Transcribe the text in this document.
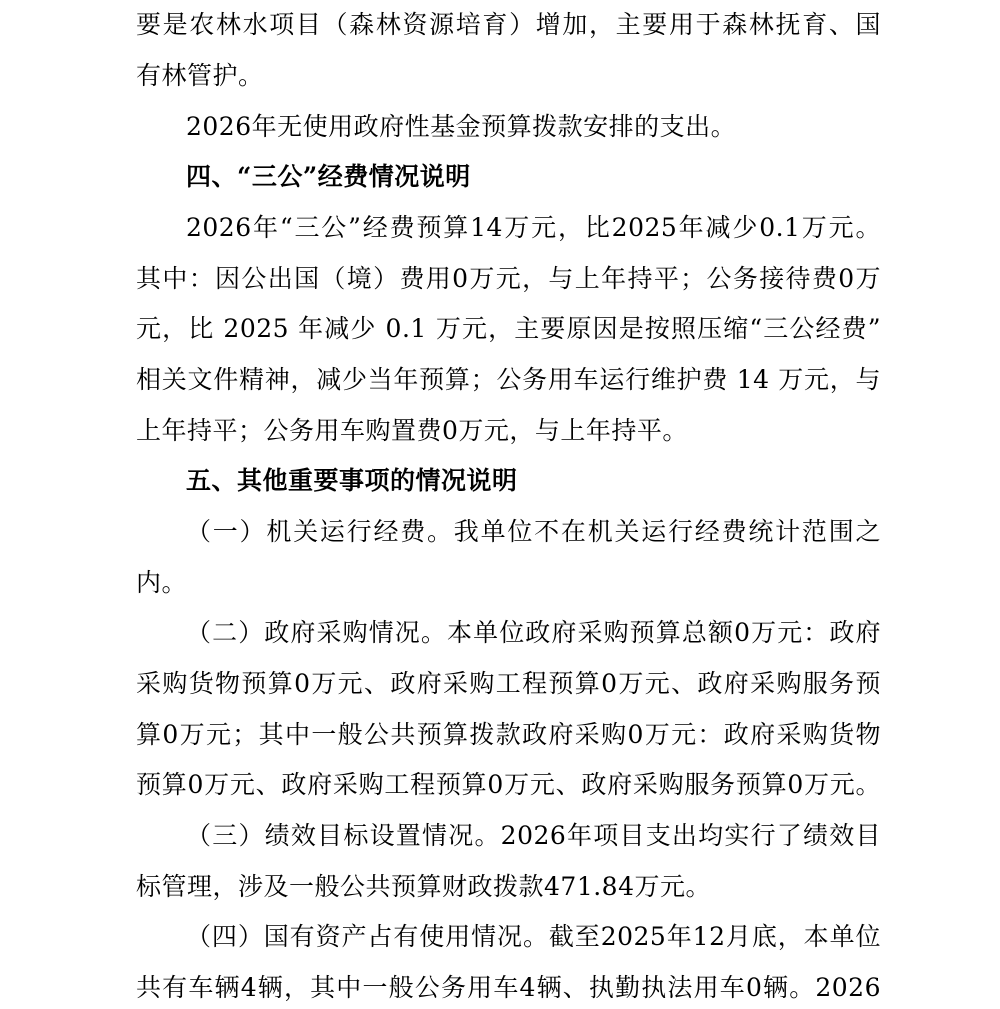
要是农林水项目（森林资源培育）增加，主要用于森林抚育、国
有林管护。
2026年无使用政府性基金预算拨款安排的支出。
四、“三公”经费情况说明
2026年“三公”经费预算14万元，比2025年减少0.1万元。
其中：因公出国（境）费用0万元，与上年持平；公务接待费0万
元，比 2025 年减少 0.1 万元，主要原因是按照压缩“三公经费”
相关文件精神，减少当年预算；公务用车运行维护费 14 万元，与
上年持平；公务用车购置费0万元，与上年持平。
五、其他重要事项的情况说明
（一）机关运行经费。我单位不在机关运行经费统计范围之
内。
（二）政府采购情况。本单位政府采购预算总额0万元：政府
采购货物预算0万元、政府采购工程预算0万元、政府采购服务预
算0万元；其中一般公共预算拨款政府采购0万元：政府采购货物
预算0万元、政府采购工程预算0万元、政府采购服务预算0万元。
（三）绩效目标设置情况。2026年项目支出均实行了绩效目
标管理，涉及一般公共预算财政拨款471.84万元。
（四）国有资产占有使用情况。截至2025年12月底，本单位
共有车辆4辆，其中一般公务用车4辆、执勤执法用车0辆。2026
